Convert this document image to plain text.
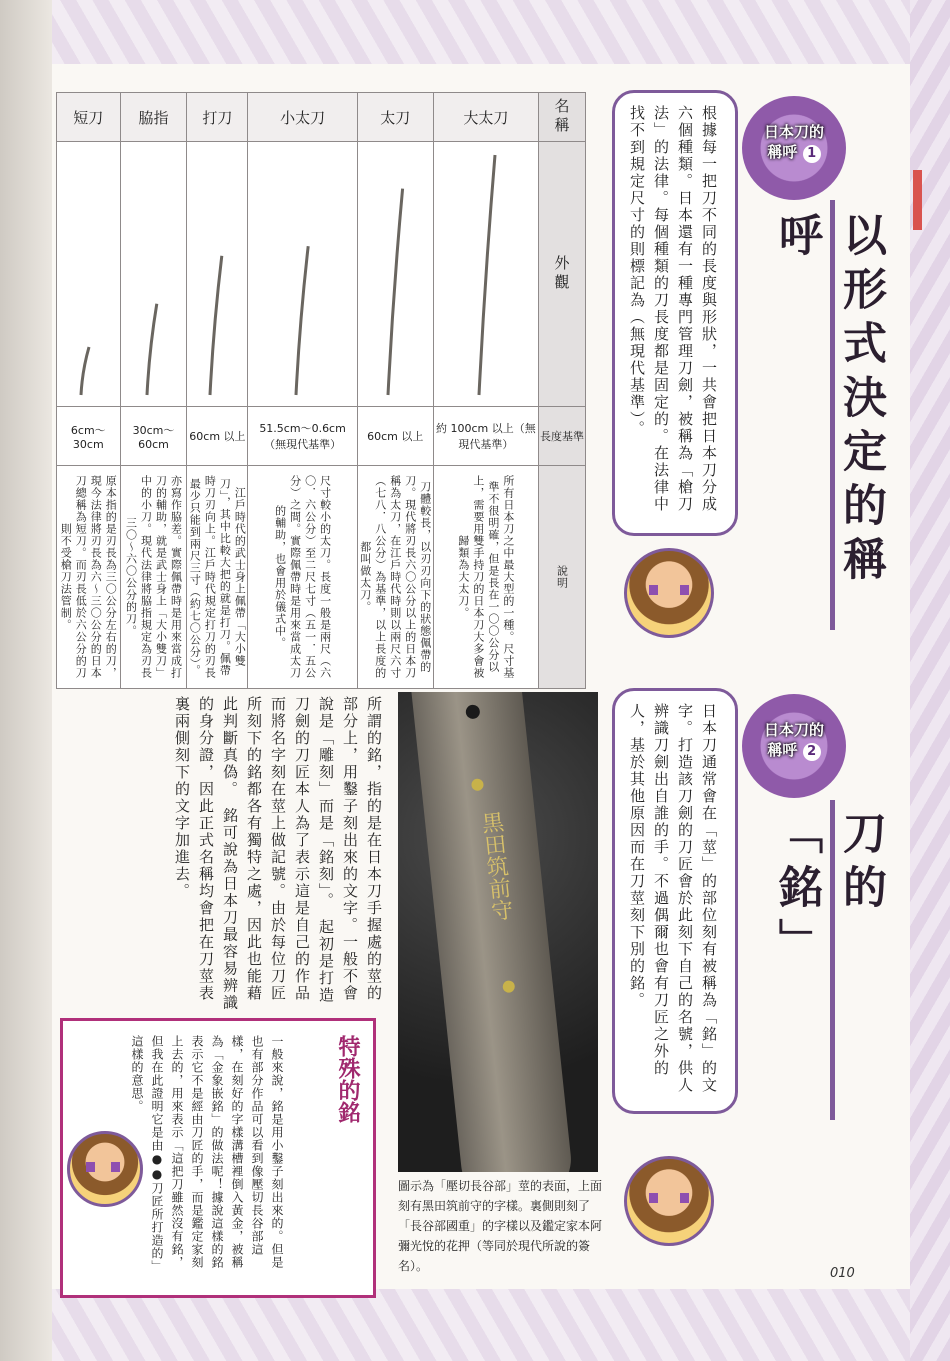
短刀	脇指	打刀	小太刀	太刀	大太刀	名稱

外觀

6cm～30cm	30cm～60cm	60cm 以上	51.5cm～0.6cm（無現代基準）	60cm 以上	約 100cm 以上（無現代基準）	長度基準

原本指的是刃長為三〇公分左右的刀，現今法律將刃長為六～三〇公分的日本刀總稱為短刀。而刃長低於六公分的刀則不受槍刀法管制。	亦寫作脇差。實際佩帶時是用來當成打刀的輔助，就是武士身上「大小雙刀」中的小刀。現代法律將脇指規定為刃長三〇～六〇公分的刀。	江戶時代的武士身上佩帶「大小雙刀」，其中比較大把的就是打刀。佩帶時刀刃向上。江戶時代規定打刀的刃長最少只能到兩尺三寸（約七〇公分）。	尺寸較小的太刀。長度一般是兩尺（六〇．六公分）至二尺七寸（五一．五公分）之間。實際佩帶時是用來當成太刀的輔助，也會用於儀式中。	刀體較長，以刃刃向下的狀態佩帶的刀。現代將刃長六〇公分以上的日本刀稱為太刀，在江戶時代時則以兩尺六寸（七八．八公分）為基準，以上長度的都叫做太刀。	所有日本刀之中最大型的一種。尺寸基準不很明確，但是長在一〇〇公分以上，需要用雙手持刀的日本刀大多會被歸類為大太刀。	說明
日本刀的
稱呼 1
以形式決定的稱呼
根據每一把刀不同的長度與形狀，一共會把日本刀分成六個種類。日本還有一種專門管理刀劍，被稱為「槍刀法」的法律。每個種類的刀長度都是固定的。在法律中找不到規定尺寸的則標記為（無現代基準）。
日本刀的
稱呼 2
刀的「銘」
日本刀通常會在「莖」的部位刻有被稱為「銘」的文字。打造該刀劍的刀匠會於此刻下自己的名號，供人辨識刀劍出自誰的手。不過偶爾也會有刀匠之外的人，基於其他原因而在刀莖刻下別的銘。
所謂的銘，指的是在日本刀手握處的莖的部分上，用鑿子刻出來的文字。一般不會說是「雕刻」而是「銘刻」。　起初是打造刀劍的刀匠本人為了表示這是自己的作品而將名字刻在莖上做記號。由於每位刀匠所刻下的銘都各有獨特之處，因此也能藉此判斷真偽。　銘可說為日本刀最容易辨識的身分證，因此正式名稱均會把在刀莖表裏兩側刻下的文字加進去。	黒田筑前守
圖示為「壓切長谷部」莖的表面，上面刻有黑田筑前守的字樣。裏側則刻了「長谷部國重」的字樣以及鑑定家本阿彌光悅的花押（等同於現代所說的簽名）。
特殊的銘
一般來說，銘是用小鑿子刻出來的。但是也有部分作品可以看到像壓切長谷部這樣，在刻好的字樣溝槽裡倒入黃金，被稱為「金象嵌銘」的做法呢！據說這樣的銘表示它不是經由刀匠的手，而是鑑定家刻上去的，用來表示「這把刀雖然沒有銘，但我在此證明它是由●●刀匠所打造的」這樣的意思。
010
